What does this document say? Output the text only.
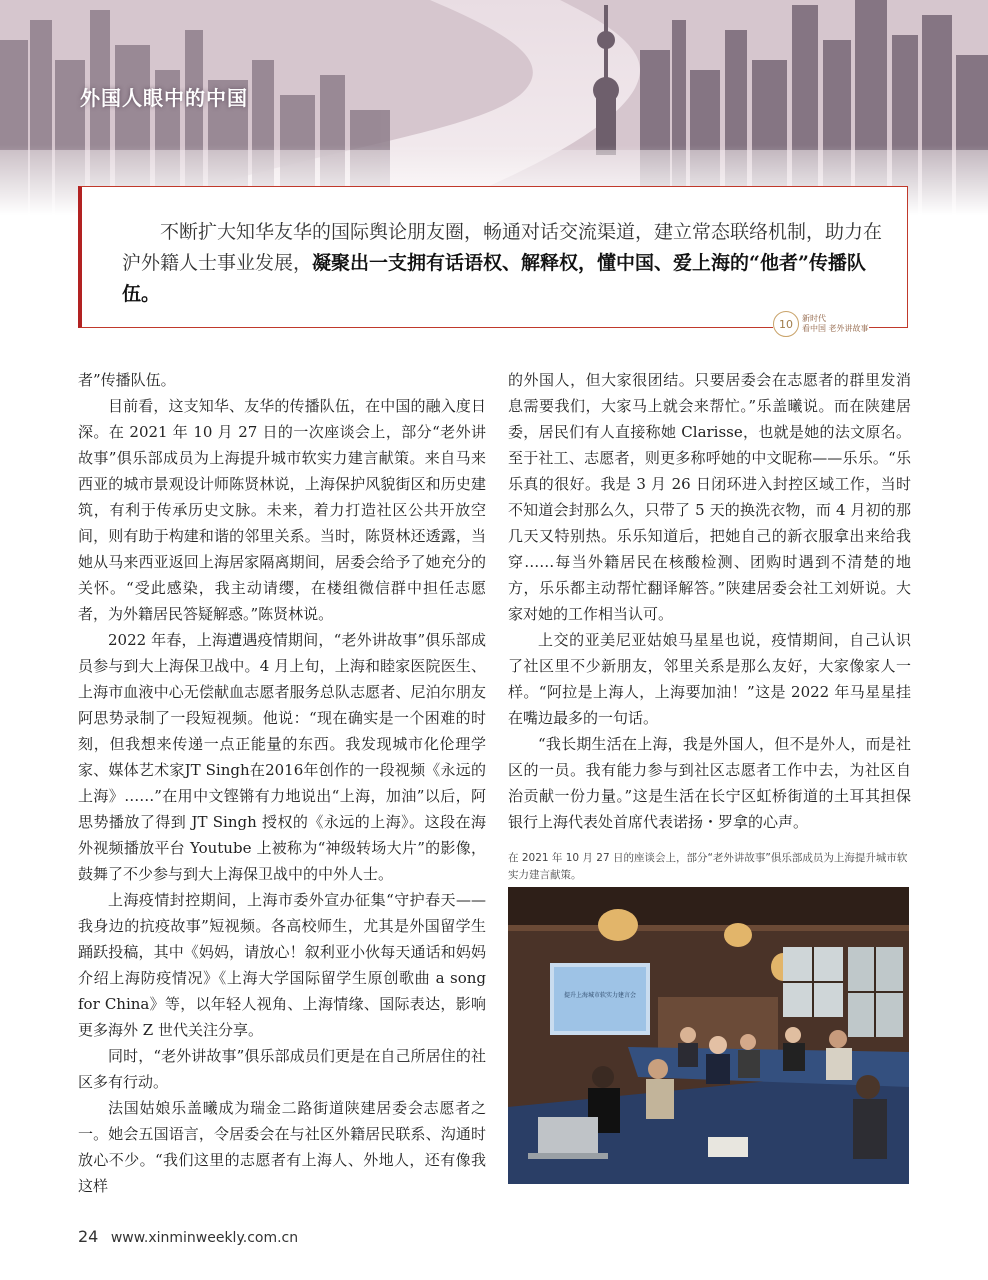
外国人眼中的中国
不断扩大知华友华的国际舆论朋友圈，畅通对话交流渠道，建立常态联络机制，助力在沪外籍人士事业发展，凝聚出一支拥有话语权、解释权，懂中国、爱上海的“他者”传播队伍。
10	新时代
看中国 老外讲故事

者”传播队伍。

目前看，这支知华、友华的传播队伍，在中国的融入度日深。在 2021 年 10 月 27 日的一次座谈会上，部分“老外讲故事”俱乐部成员为上海提升城市软实力建言献策。来自马来西亚的城市景观设计师陈贤林说，上海保护风貌街区和历史建筑，有利于传承历史文脉。未来，着力打造社区公共开放空间，则有助于构建和谐的邻里关系。当时，陈贤林还透露，当她从马来西亚返回上海居家隔离期间，居委会给予了她充分的关怀。“受此感染，我主动请缨，在楼组微信群中担任志愿者，为外籍居民答疑解惑。”陈贤林说。

2022 年春，上海遭遇疫情期间，“老外讲故事”俱乐部成员参与到大上海保卫战中。4 月上旬，上海和睦家医院医生、上海市血液中心无偿献血志愿者服务总队志愿者、尼泊尔朋友阿思势录制了一段短视频。他说：“现在确实是一个困难的时刻，但我想来传递一点正能量的东西。我发现城市化伦理学家、媒体艺术家JT Singh在2016年创作的一段视频《永远的上海》……”在用中文铿锵有力地说出“上海，加油”以后，阿思势播放了得到 JT Singh 授权的《永远的上海》。这段在海外视频播放平台 Youtube 上被称为“神级转场大片”的影像，鼓舞了不少参与到大上海保卫战中的中外人士。

上海疫情封控期间，上海市委外宣办征集“守护春天——我身边的抗疫故事”短视频。各高校师生，尤其是外国留学生踊跃投稿，其中《妈妈，请放心！叙利亚小伙每天通话和妈妈介绍上海防疫情况》《上海大学国际留学生原创歌曲 a song for China》等，以年轻人视角、上海情缘、国际表达，影响更多海外 Z 世代关注分享。

同时，“老外讲故事”俱乐部成员们更是在自己所居住的社区多有行动。

法国姑娘乐盖曦成为瑞金二路街道陕建居委会志愿者之一。她会五国语言，令居委会在与社区外籍居民联系、沟通时放心不少。“我们这里的志愿者有上海人、外地人，还有像我这样

的外国人，但大家很团结。只要居委会在志愿者的群里发消息需要我们，大家马上就会来帮忙。”乐盖曦说。而在陕建居委，居民们有人直接称她 Clarisse，也就是她的法文原名。至于社工、志愿者，则更多称呼她的中文昵称——乐乐。“乐乐真的很好。我是 3 月 26 日闭环进入封控区域工作，当时不知道会封那么久，只带了 5 天的换洗衣物，而 4 月初的那几天又特别热。乐乐知道后，把她自己的新衣服拿出来给我穿……每当外籍居民在核酸检测、团购时遇到不清楚的地方，乐乐都主动帮忙翻译解答。”陕建居委会社工刘妍说。大家对她的工作相当认可。

上交的亚美尼亚姑娘马星星也说，疫情期间，自己认识了社区里不少新朋友，邻里关系是那么友好，大家像家人一样。“阿拉是上海人，上海要加油！”这是 2022 年马星星挂在嘴边最多的一句话。

“我长期生活在上海，我是外国人，但不是外人，而是社区的一员。我有能力参与到社区志愿者工作中去，为社区自治贡献一份力量。”这是生活在长宁区虹桥街道的土耳其担保银行上海代表处首席代表诺扬・罗拿的心声。

在 2021 年 10 月 27 日的座谈会上，部分“老外讲故事”俱乐部成员为上海提升城市软实力建言献策。
提升上海城市软实力建言会
24 www.xinminweekly.com.cn
